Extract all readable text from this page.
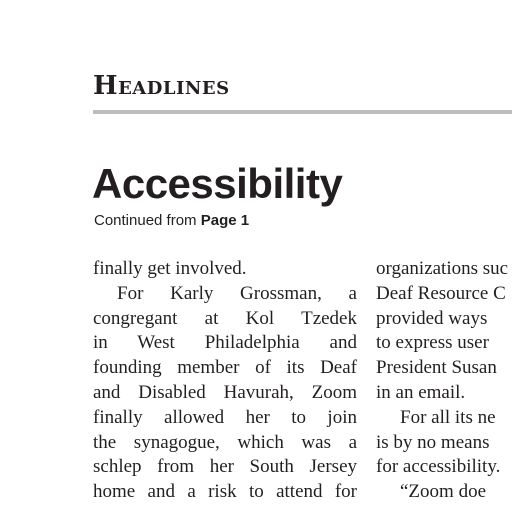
Headlines
Accessibility
Continued from Page 1
finally get involved.
For Karly Grossman, a
congregant at Kol Tzedek
in West Philadelphia and
founding member of its Deaf
and Disabled Havurah, Zoom
finally allowed her to join
the synagogue, which was a
schlep from her South Jersey
home and a risk to attend for
organizations suc
Deaf Resource C
provided ways
to express user
President Susan
in an email.
For all its ne
is by no means
for accessibility.
“Zoom doe
